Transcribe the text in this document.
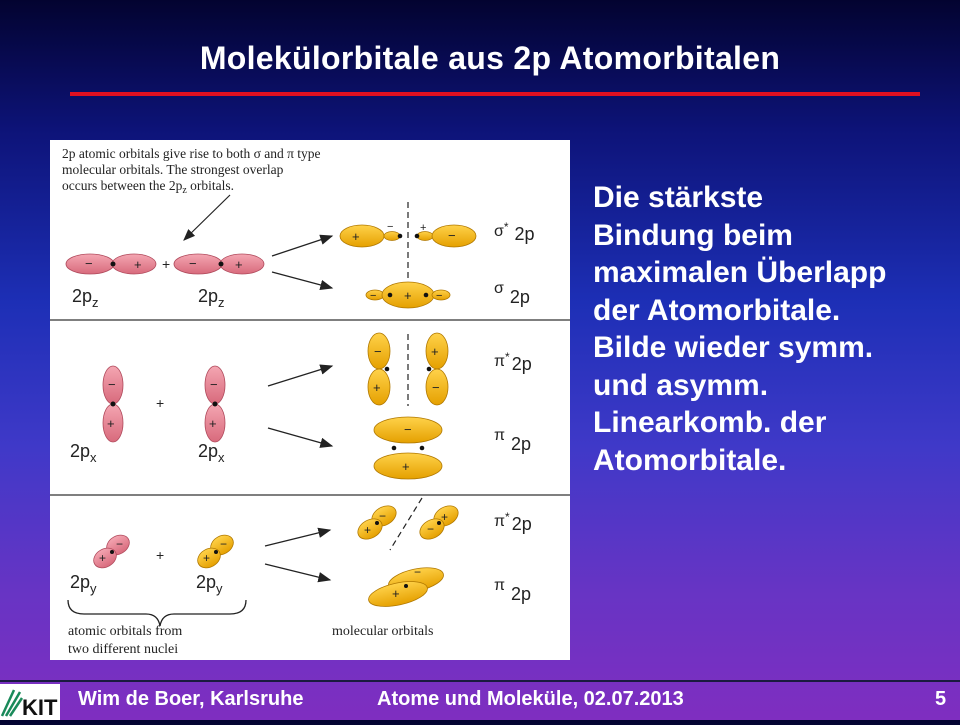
Molekülorbitale aus 2p Atomorbitalen
2p atomic orbitals give rise to both σ and π type
molecular orbitals. The strongest overlap
occurs between the $2p_z$ orbitals.
−	+ + −	+
$2p_z$	$2p_z$
+
− + −
− + −
σ* 2p
σ 2p
−
+
+
−
+
$2p_x$	$2p_x$
−
+
+
−
−
+
π* 2p
π 2p
−
+	+
−
+
$2p_y$	$2p_y$
−
+
+
−
−
+
π* 2p
π 2p
atomic orbitals from
two different nuclei
molecular orbitals
Die stärkste
Bindung beim
maximalen Überlapp
der Atomorbitale.
Bilde wieder symm.
und asymm.
Linearkomb. der
Atomorbitale.
KIT Wim de Boer, Karlsruhe	Atome und Moleküle, 02.07.2013	5
